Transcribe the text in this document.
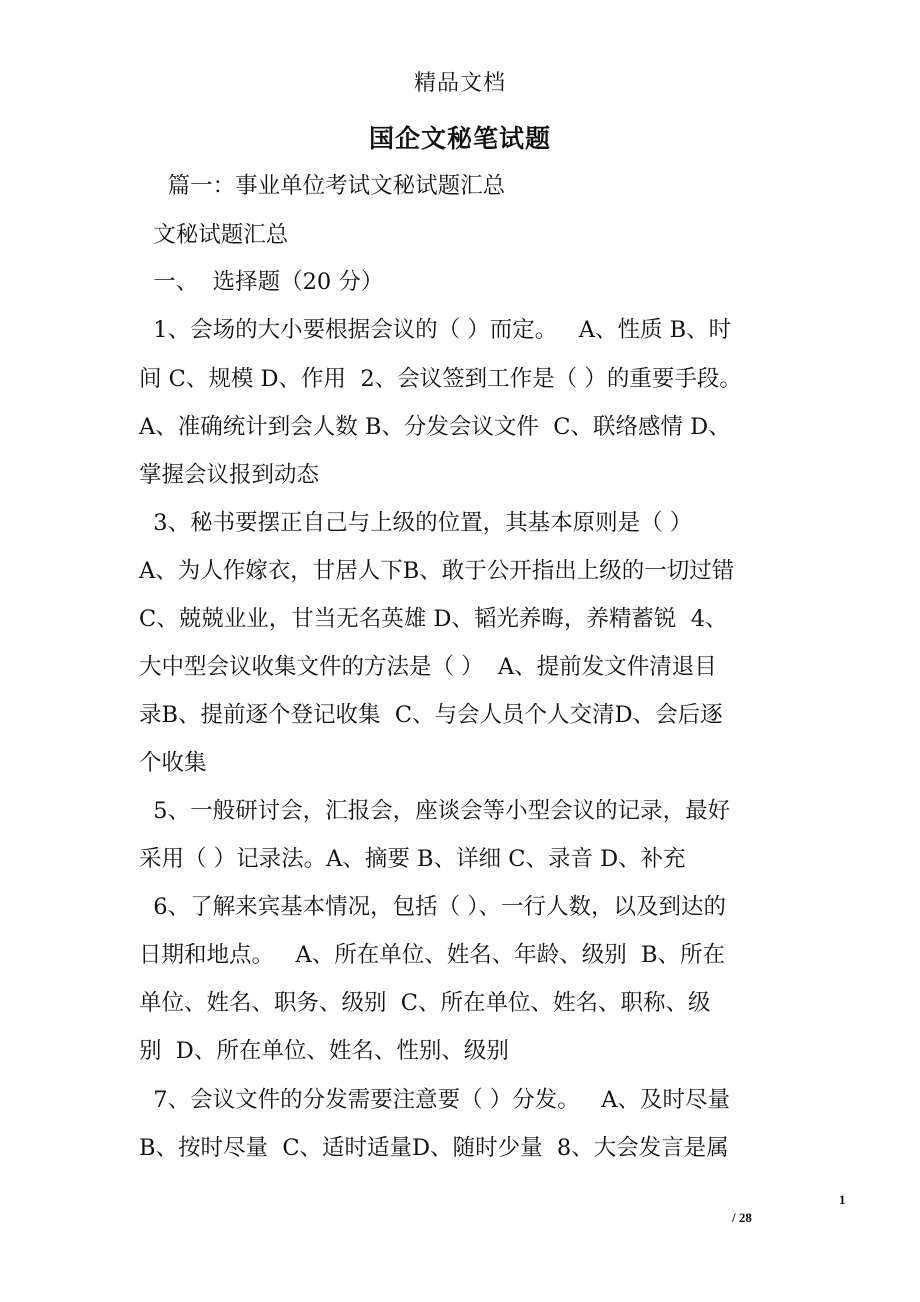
精品文档
国企文秘笔试题
篇一：事业单位考试文秘试题汇总
文秘试题汇总
一、  选择题（20 分）
1、会场的大小要根据会议的（ ）而定。   A、性质 B、时
间 C、规模 D、作用  2、会议签到工作是（ ）的重要手段。
A、准确统计到会人数 B、分发会议文件  C、联络感情 D、
掌握会议报到动态
3、秘书要摆正自己与上级的位置，其基本原则是（ ）
A、为人作嫁衣，甘居人下B、敢于公开指出上级的一切过错
C、兢兢业业，甘当无名英雄 D、韬光养晦，养精蓄锐  4、
大中型会议收集文件的方法是（ ）  A、提前发文件清退目
录B、提前逐个登记收集  C、与会人员个人交清D、会后逐
个收集
5、一般研讨会，汇报会，座谈会等小型会议的记录，最好
采用（ ）记录法。A、摘要 B、详细 C、录音 D、补充
6、了解来宾基本情况，包括（ ）、一行人数，以及到达的
日期和地点。   A、所在单位、姓名、年龄、级别  B、所在
单位、姓名、职务、级别  C、所在单位、姓名、职称、级
别  D、所在单位、姓名、性别、级别
7、会议文件的分发需要注意要（ ）分发。   A、及时尽量
B、按时尽量  C、适时适量D、随时少量  8、大会发言是属
1
/ 28
